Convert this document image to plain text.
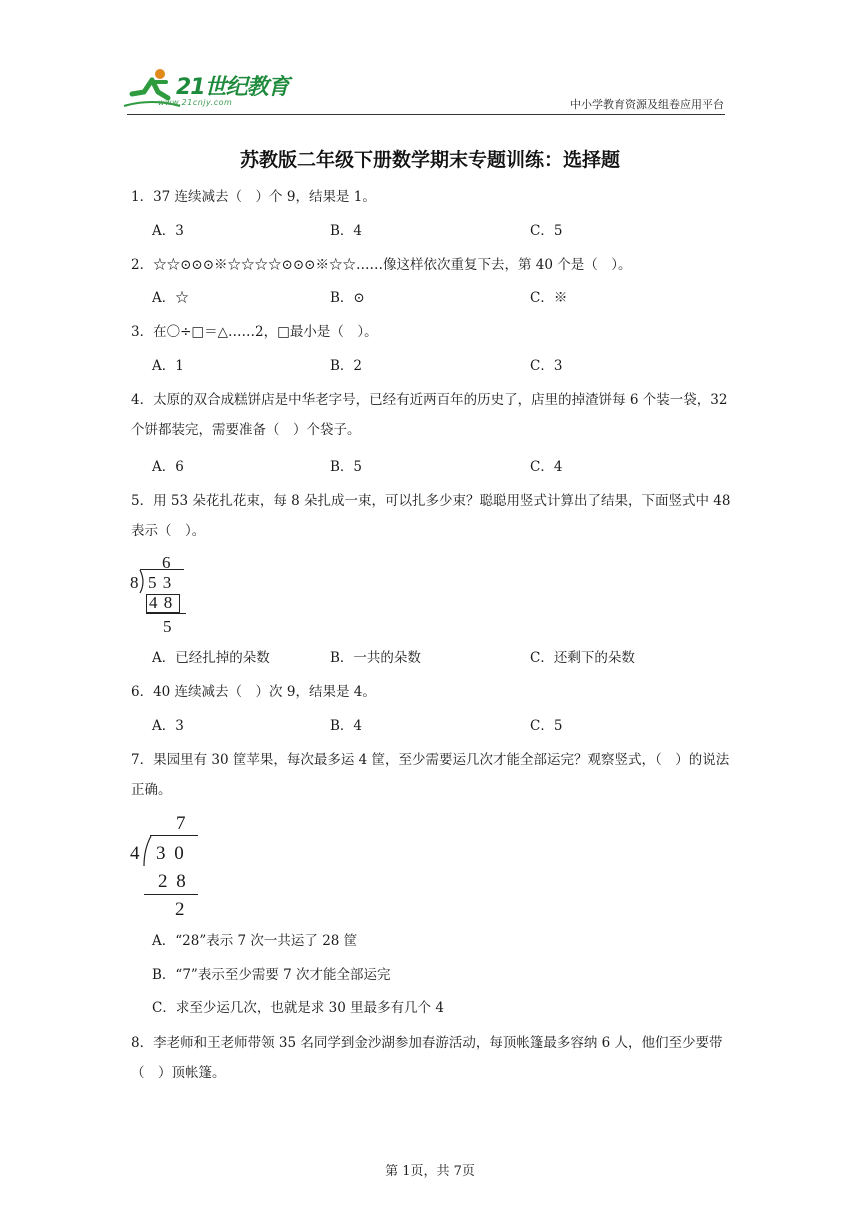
21世纪教育
www.21cnjy.com	中小学教育资源及组卷应用平台
苏教版二年级下册数学期末专题训练：选择题
1．37 连续减去（　）个 9，结果是 1。
A．3	B．4	C．5
2．☆☆⊙⊙⊙※☆☆☆☆⊙⊙⊙※☆☆……像这样依次重复下去，第 40 个是（　）。
A．☆	B．⊙	C．※
3．在〇÷□＝△……2，□最小是（　）。
A．1	B．2	C．3
4．太原的双合成糕饼店是中华老字号，已经有近两百年的历史了，店里的掉渣饼每 6 个装一袋，32 个饼都装完，需要准备（　）个袋子。
A．6	B．5	C．4
5．用 53 朵花扎花束，每 8 朵扎成一束，可以扎多少束？聪聪用竖式计算出了结果，下面竖式中 48 表示（　）。
6
8 5 3
4 8
5
A．已经扎掉的朵数	B．一共的朵数	C．还剩下的朵数
6．40 连续减去（　）次 9，结果是 4。
A．3	B．4	C．5
7．果园里有 30 筐苹果，每次最多运 4 筐，至少需要运几次才能全部运完？观察竖式，（　）的说法正确。
7
4 3 0
2 8
2
A．“28”表示 7 次一共运了 28 筐
B．“7”表示至少需要 7 次才能全部运完
C．求至少运几次，也就是求 30 里最多有几个 4
8．李老师和王老师带领 35 名同学到金沙湖参加春游活动，每顶帐篷最多容纳 6 人，他们至少要带（　）顶帐篷。
第 1页，共 7页
